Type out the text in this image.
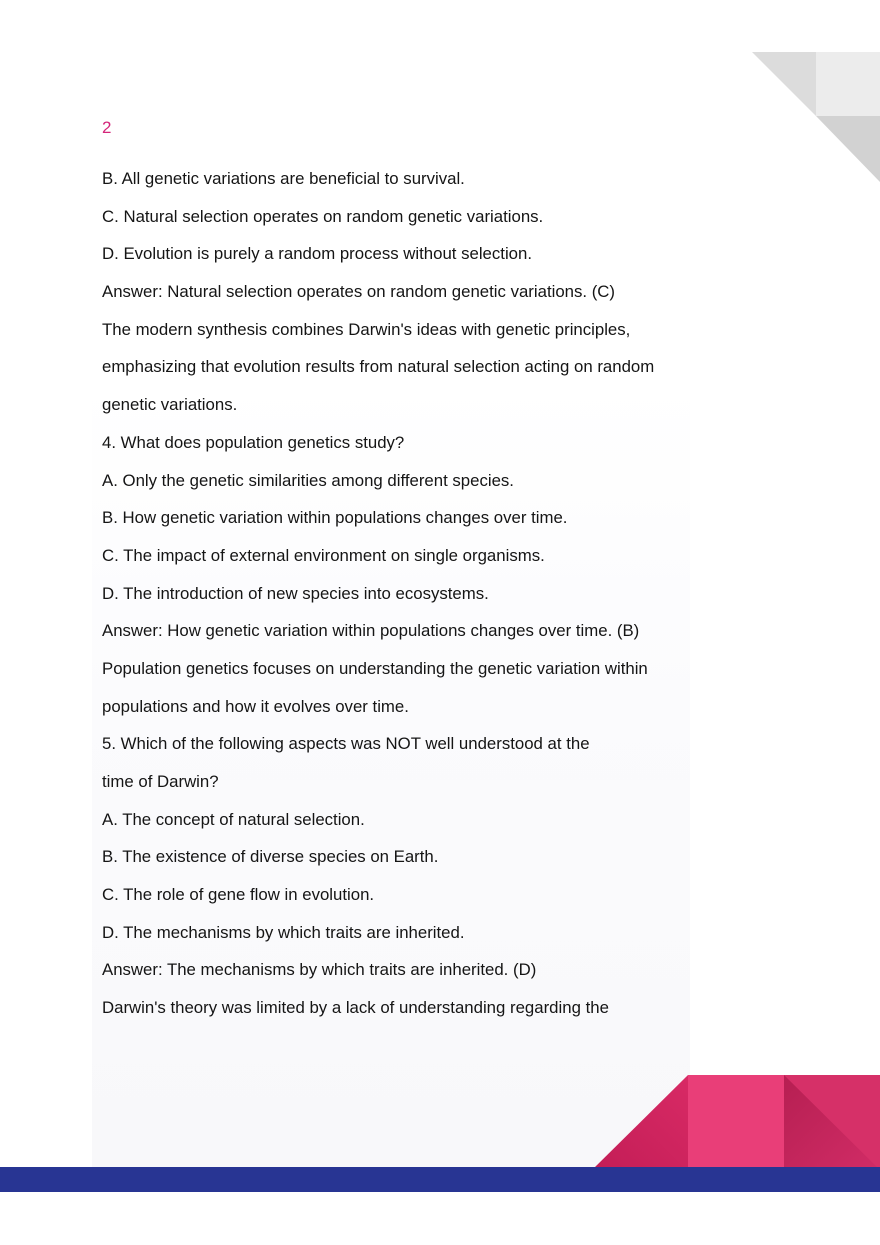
2
B. All genetic variations are beneficial to survival.
C. Natural selection operates on random genetic variations.
D. Evolution is purely a random process without selection.
Answer: Natural selection operates on random genetic variations. (C)
The modern synthesis combines Darwin's ideas with genetic principles,
emphasizing that evolution results from natural selection acting on random
genetic variations.
4. What does population genetics study?
A. Only the genetic similarities among different species.
B. How genetic variation within populations changes over time.
C. The impact of external environment on single organisms.
D. The introduction of new species into ecosystems.
Answer: How genetic variation within populations changes over time. (B)
Population genetics focuses on understanding the genetic variation within
populations and how it evolves over time.
5. Which of the following aspects was NOT well understood at the
time of Darwin?
A. The concept of natural selection.
B. The existence of diverse species on Earth.
C. The role of gene flow in evolution.
D. The mechanisms by which traits are inherited.
Answer: The mechanisms by which traits are inherited. (D)
Darwin's theory was limited by a lack of understanding regarding the
